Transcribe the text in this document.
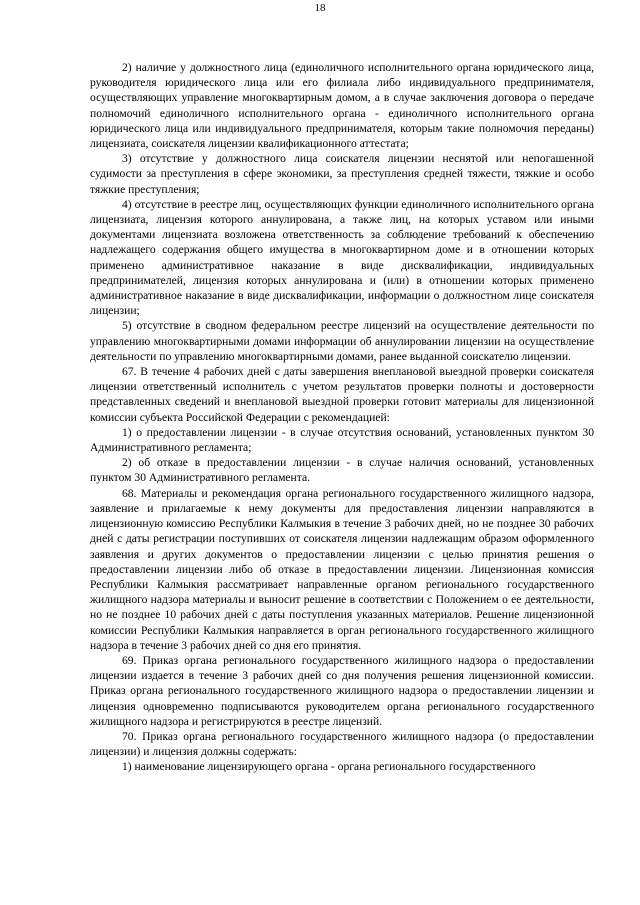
18

2) наличие у должностного лица (единоличного исполнительного органа юридического лица, руководителя юридического лица или его филиала либо индивидуального предпринимателя, осуществляющих управление многоквартирным домом, а в случае заключения договора о передаче полномочий единоличного исполнительного органа - единоличного исполнительного органа юридического лица или индивидуального предпринимателя, которым такие полномочия переданы) лицензиата, соискателя лицензии квалификационного аттестата;

3) отсутствие у должностного лица соискателя лицензии неснятой или непогашенной судимости за преступления в сфере экономики, за преступления средней тяжести, тяжкие и особо тяжкие преступления;

4) отсутствие в реестре лиц, осуществляющих функции единоличного исполнительного органа лицензиата, лицензия которого аннулирована, а также лиц, на которых уставом или иными документами лицензиата возложена ответственность за соблюдение требований к обеспечению надлежащего содержания общего имущества в многоквартирном доме и в отношении которых применено административное наказание в виде дисквалификации, индивидуальных предпринимателей, лицензия которых аннулирована и (или) в отношении которых применено административное наказание в виде дисквалификации, информации о должностном лице соискателя лицензии;

5) отсутствие в сводном федеральном реестре лицензий на осуществление деятельности по управлению многоквартирными домами информации об аннулировании лицензии на осуществление деятельности по управлению многоквартирными домами, ранее выданной соискателю лицензии.

67. В течение 4 рабочих дней с даты завершения внеплановой выездной проверки соискателя лицензии ответственный исполнитель с учетом результатов проверки полноты и достоверности представленных сведений и внеплановой выездной проверки готовит материалы для лицензионной комиссии субъекта Российской Федерации с рекомендацией:

1) о предоставлении лицензии - в случае отсутствия оснований, установленных пунктом 30 Административного регламента;

2) об отказе в предоставлении лицензии - в случае наличия оснований, установленных пунктом 30 Административного регламента.

68. Материалы и рекомендация органа регионального государственного жилищного надзора, заявление и прилагаемые к нему документы для предоставления лицензии направляются в лицензионную комиссию Республики Калмыкия в течение 3 рабочих дней, но не позднее 30 рабочих дней с даты регистрации поступивших от соискателя лицензии надлежащим образом оформленного заявления и других документов о предоставлении лицензии с целью принятия решения о предоставлении лицензии либо об отказе в предоставлении лицензии. Лицензионная комиссия Республики Калмыкия рассматривает направленные органом регионального государственного жилищного надзора материалы и выносит решение в соответствии с Положением о ее деятельности, но не позднее 10 рабочих дней с даты поступления указанных материалов. Решение лицензионной комиссии Республики Калмыкия направляется в орган регионального государственного жилищного надзора в течение 3 рабочих дней со дня его принятия.

69. Приказ органа регионального государственного жилищного надзора о предоставлении лицензии издается в течение 3 рабочих дней со дня получения решения лицензионной комиссии. Приказ органа регионального государственного жилищного надзора о предоставлении лицензии и лицензия одновременно подписываются руководителем органа регионального государственного жилищного надзора и регистрируются в реестре лицензий.

70. Приказ органа регионального государственного жилищного надзора (о предоставлении лицензии) и лицензия должны содержать:

1) наименование лицензирующего органа - органа регионального государственного
